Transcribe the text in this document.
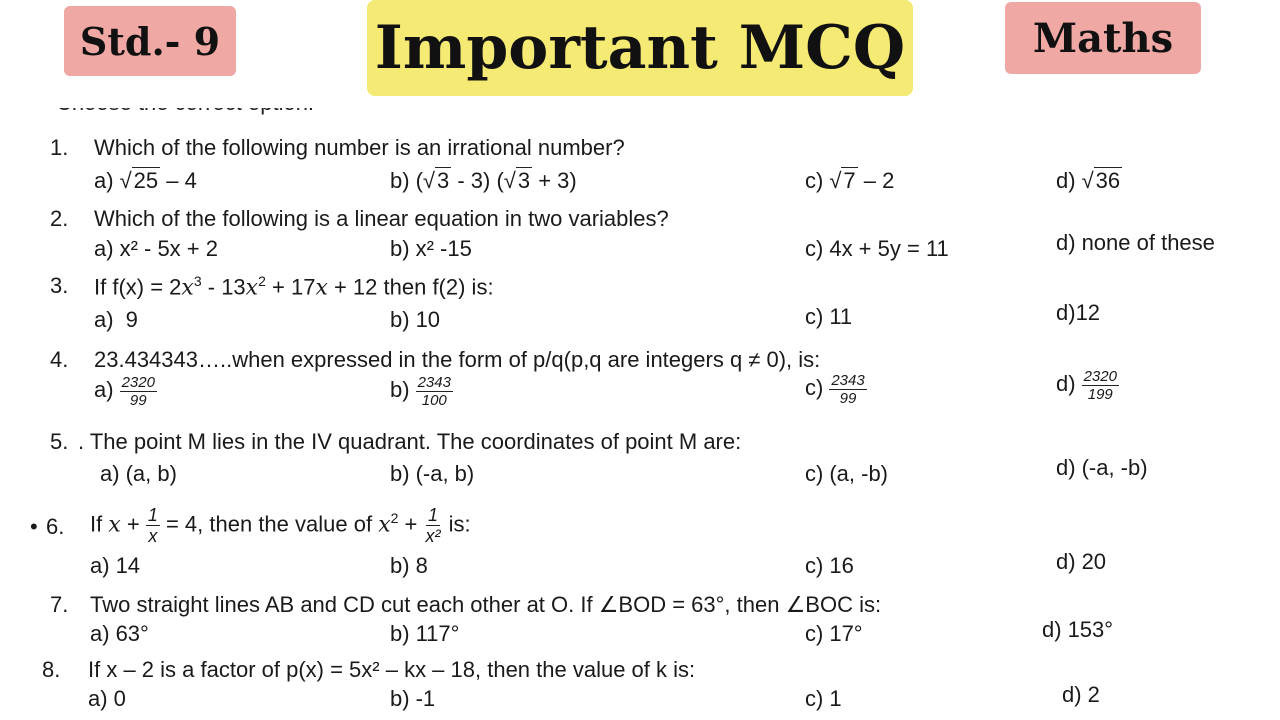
1. Which of the following number is an irrational number?
a) √25 – 4	b) (√3 - 3) (√3 + 3)	c) √7 – 2	d) √36
2. Which of the following is a linear equation in two variables?
a) x² - 5x + 2	b) x² -15	c) 4x + 5y = 11	d) none of these
3. If $f(x) = 2x^3 - 13x^2 + 17x + 12$ then f(2) is:
a) 9	b) 10	c) 11	d)12
4. 23.434343…..when expressed in the form of p/q(p,q are integers q ≠ 0), is:
$a) \frac{2320}{99}$	$b) \frac{2343}{100}$	$c) \frac{2343}{99}$	$d) \frac{2320}{199}$
5. . The point M lies in the IV quadrant. The coordinates of point M are:
a) (a, b)	b) (-a, b)	c) (a, -b)	d) (-a, -b)
• 6. If $x + \frac{1}{x} = 4$, then the value of $x^2 + \frac{1}{\text{x²}}$ is:
a) 14	b) 8	c) 16	d) 20
7. Two straight lines AB and CD cut each other at O. If ∠BOD = 63°, then ∠BOC is:
a) 63°	b) 117°	c) 17°	d) 153°
8. If x – 2 is a factor of p(x) = 5x² – kx – 18, then the value of k is:
a) 0	b) -1	c) 1	d) 2
Std.- 9	Important MCQ	Maths
